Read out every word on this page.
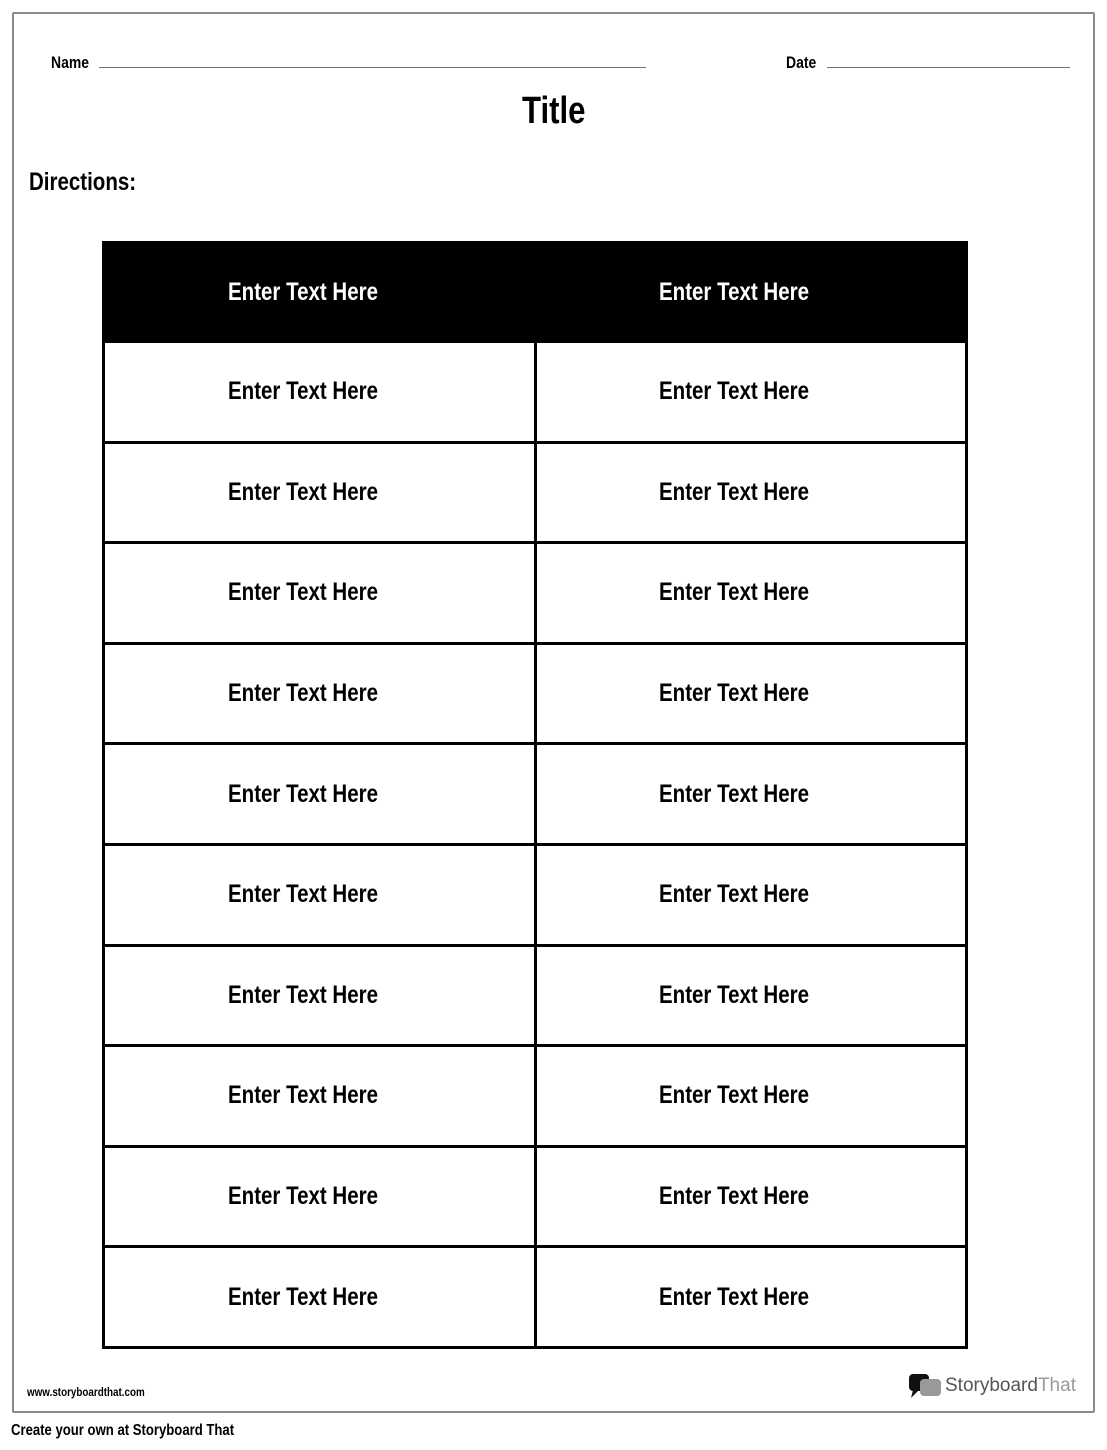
Name	Date
Title
Directions:
Enter Text Here	Enter Text Here
Enter Text Here	Enter Text Here
Enter Text Here	Enter Text Here
Enter Text Here	Enter Text Here
Enter Text Here	Enter Text Here
Enter Text Here	Enter Text Here
Enter Text Here	Enter Text Here
Enter Text Here	Enter Text Here
Enter Text Here	Enter Text Here
Enter Text Here	Enter Text Here
Enter Text Here	Enter Text Here
www.storyboardthat.com	StoryboardThat
Create your own at Storyboard That
